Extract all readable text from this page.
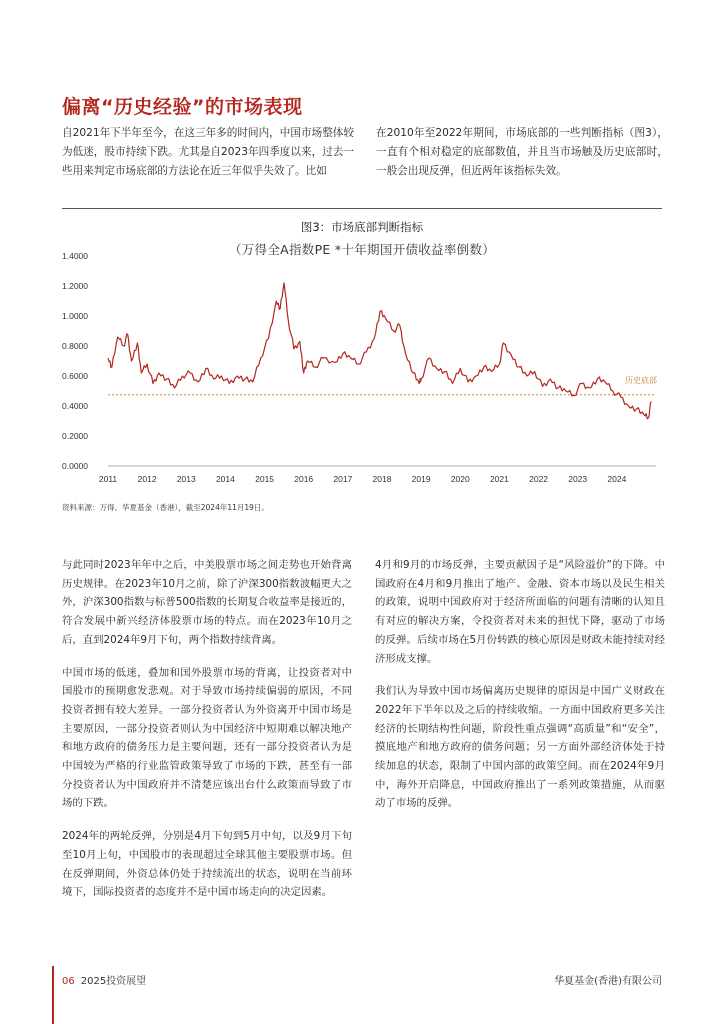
偏离“历史经验”的市场表现
自2021年下半年至今，在这三年多的时间内，中国市场整体较为低迷，股市持续下跌。尤其是自2023年四季度以来，过去一些用来判定市场底部的方法论在近三年似乎失效了。比如
在2010年至2022年期间，市场底部的一些判断指标（图3），一直有个相对稳定的底部数值，并且当市场触及历史底部时，一般会出现反弹，但近两年该指标失效。
图3：市场底部判断指标
（万得全A指数PE *十年期国开债收益率倒数）
1.4000
1.2000
1.0000
0.8000
0.6000
0.4000
0.2000
0.0000
2011 2012 2013 2014 2015 2016 2017 2018 2019 2020 2021 2022 2023 2024
历史底部
资料来源：万得、华夏基金（香港），截至2024年11月19日。

与此同时2023年年中之后，中美股票市场之间走势也开始背离历史规律。在2023年10月之前，除了沪深300指数波幅更大之外，沪深300指数与标普500指数的长期复合收益率是接近的，符合发展中新兴经济体股票市场的特点。而在2023年10月之后，直到2024年9月下旬，两个指数持续背离。

中国市场的低迷，叠加和国外股票市场的背离，让投资者对中国股市的预期愈发悲观。对于导致市场持续偏弱的原因，不同投资者拥有较大差异。一部分投资者认为外资离开中国市场是主要原因，一部分投资者则认为中国经济中短期难以解决地产和地方政府的债务压力是主要问题，还有一部分投资者认为是中国较为严格的行业监管政策导致了市场的下跌，甚至有一部分投资者认为中国政府并不清楚应该出台什么政策而导致了市场的下跌。

2024年的两轮反弹，分别是4月下旬到5月中旬，以及9月下旬至10月上旬，中国股市的表现超过全球其他主要股票市场。但在反弹期间，外资总体仍处于持续流出的状态，说明在当前环境下，国际投资者的态度并不是中国市场走向的决定因素。

4月和9月的市场反弹，主要贡献因子是“风险溢价”的下降。中国政府在4月和9月推出了地产、金融、资本市场以及民生相关的政策，说明中国政府对于经济所面临的问题有清晰的认知且有对应的解决方案，令投资者对未来的担忧下降，驱动了市场的反弹。后续市场在5月份转跌的核心原因是财政未能持续对经济形成支撑。

我们认为导致中国市场偏离历史规律的原因是中国广义财政在2022年下半年以及之后的持续收缩。一方面中国政府更多关注经济的长期结构性问题，阶段性重点强调“高质量”和“安全”，摸底地产和地方政府的债务问题；另一方面外部经济体处于持续加息的状态，限制了中国内部的政策空间。而在2024年9月中，海外开启降息，中国政府推出了一系列政策措施，从而驱动了市场的反弹。

06 2025投资展望	华夏基金(香港)有限公司
